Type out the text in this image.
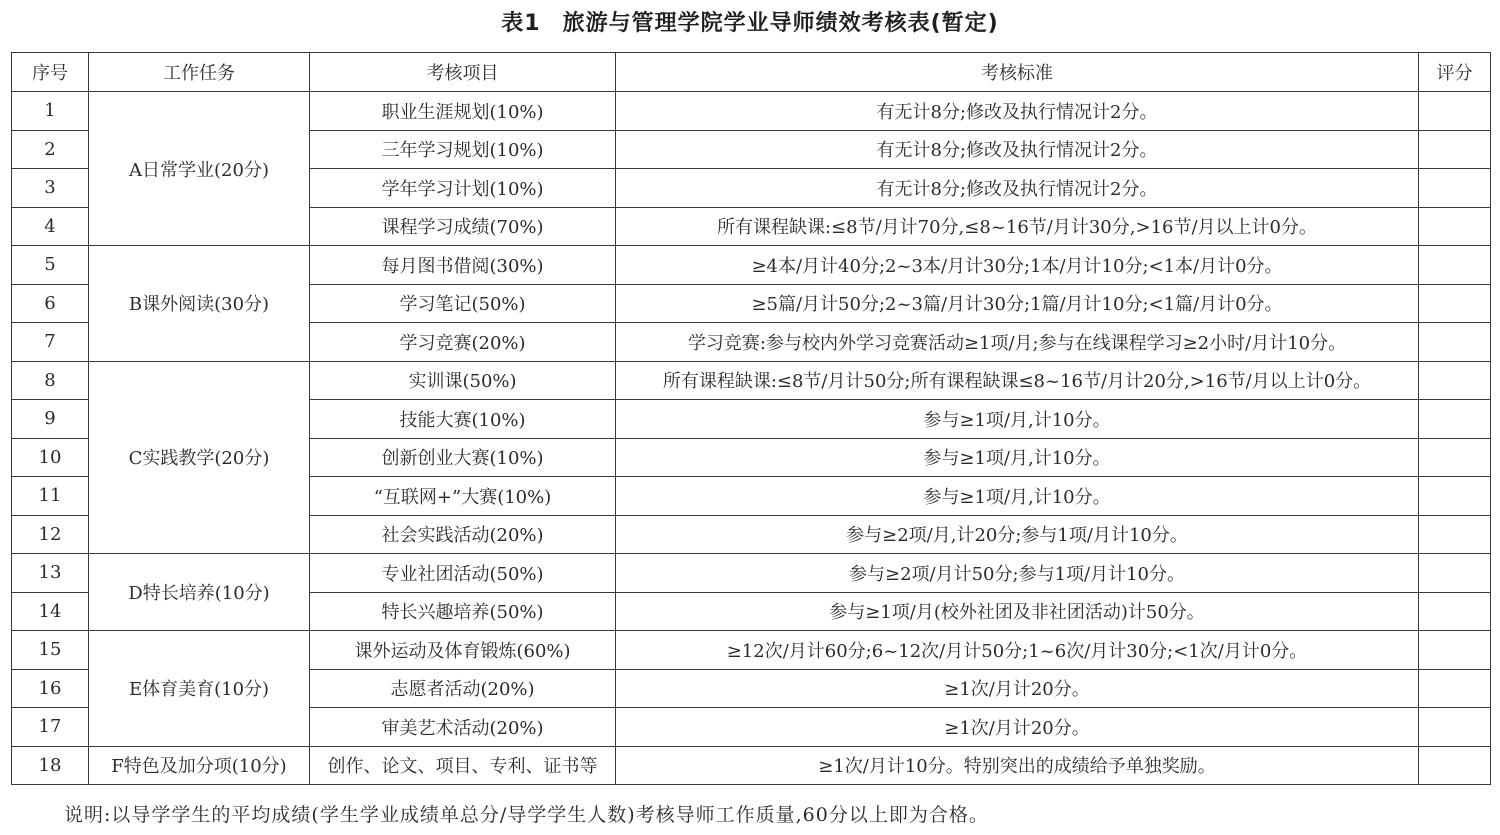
表1 旅游与管理学院学业导师绩效考核表(暂定)
序号	工作任务	考核项目	考核标准	评分
1	A日常学业(20分)	职业生涯规划(10%)	有无计8分;修改及执行情况计2分。	
2		三年学习规划(10%)	有无计8分;修改及执行情况计2分。	
3		学年学习计划(10%)	有无计8分;修改及执行情况计2分。	
4		课程学习成绩(70%)	所有课程缺课:≤8节/月计70分,≤8~16节/月计30分,>16节/月以上计0分。	
5	B课外阅读(30分)	每月图书借阅(30%)	≥4本/月计40分;2~3本/月计30分;1本/月计10分;<1本/月计0分。	
6		学习笔记(50%)	≥5篇/月计50分;2~3篇/月计30分;1篇/月计10分;<1篇/月计0分。	
7		学习竞赛(20%)	学习竞赛:参与校内外学习竞赛活动≥1项/月;参与在线课程学习≥2小时/月计10分。	
8	C实践教学(20分)	实训课(50%)	所有课程缺课:≤8节/月计50分;所有课程缺课≤8~16节/月计20分,>16节/月以上计0分。	
9		技能大赛(10%)	参与≥1项/月,计10分。	
10		创新创业大赛(10%)	参与≥1项/月,计10分。	
11		“互联网+”大赛(10%)	参与≥1项/月,计10分。	
12		社会实践活动(20%)	参与≥2项/月,计20分;参与1项/月计10分。	
13	D特长培养(10分)	专业社团活动(50%)	参与≥2项/月计50分;参与1项/月计10分。	
14		特长兴趣培养(50%)	参与≥1项/月(校外社团及非社团活动)计50分。	
15	E体育美育(10分)	课外运动及体育锻炼(60%)	≥12次/月计60分;6~12次/月计50分;1~6次/月计30分;<1次/月计0分。	
16		志愿者活动(20%)	≥1次/月计20分。	
17		审美艺术活动(20%)	≥1次/月计20分。	
18	F特色及加分项(10分)	创作、论文、项目、专利、证书等	≥1次/月计10分。特别突出的成绩给予单独奖励。	
说明:以导学学生的平均成绩(学生学业成绩单总分/导学学生人数)考核导师工作质量,60分以上即为合格。
